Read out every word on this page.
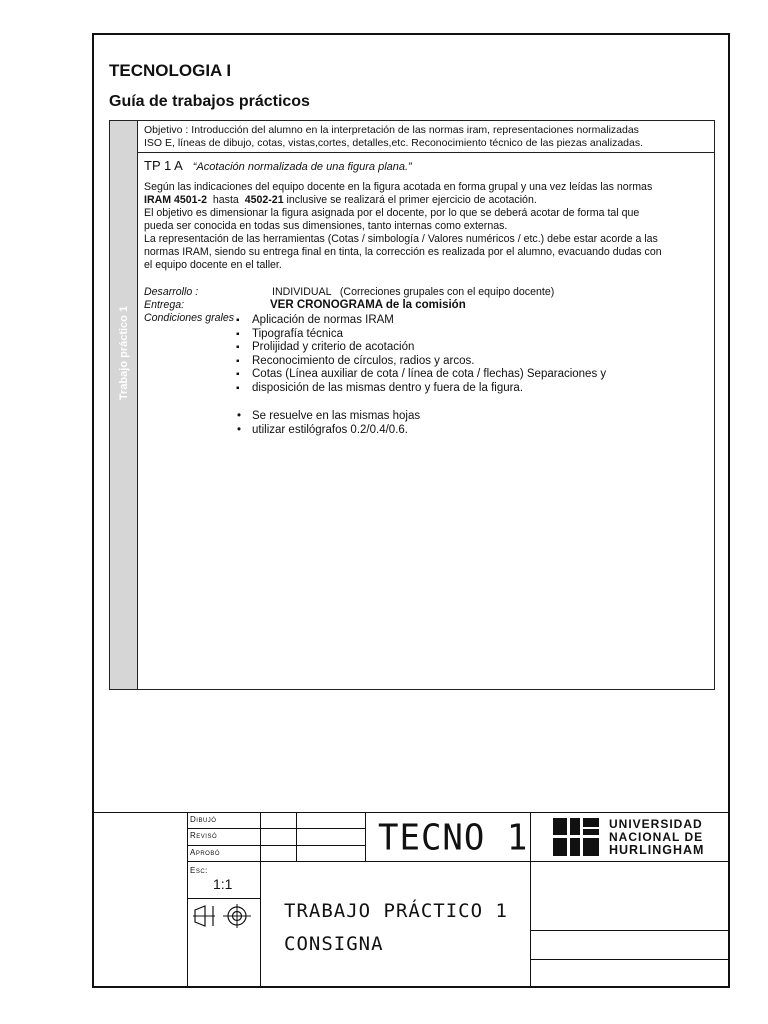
TECNOLOGIA I
Guía de trabajos prácticos
Trabajo práctico 1
Objetivo : Introducción del alumno en la interpretación de las normas iram, representaciones normalizadas
ISO E, líneas de dibujo, cotas, vistas,cortes, detalles,etc. Reconocimiento técnico de las piezas analizadas.
TP 1 A “Acotación normalizada de una figura plana.”

Según las indicaciones del equipo docente en la figura acotada en forma grupal y una vez leídas las normas

IRAM 4501-2  hasta  4502-21 inclusive se realizará el primer ejercicio de acotación.

El objetivo es dimensionar la figura asignada por el docente, por lo que se deberá acotar de forma tal que

pueda ser conocida en todas sus dimensiones, tanto internas como externas.

La representación de las herramientas (Cotas / simbología / Valores numéricos / etc.) debe estar acorde a las

normas IRAM, siendo su entrega final en tinta, la corrección es realizada por el alumno, evacuando dudas con

el equipo docente en el taller.

Desarrollo :	INDIVIDUAL   (Correciones grupales con el equipo docente)
Entrega:	VER CRONOGRAMA de la comisión
Condiciones grales
▪	Aplicación de normas IRAM
▪ Tipografía técnica
▪ Prolijidad y criterio de acotación
▪ Reconocimiento de círculos, radios y arcos.
▪ Cotas (Línea auxiliar de cota / línea de cota / flechas) Separaciones y
▪ disposición de las mismas dentro y fuera de la figura.
• Se resuelve en las mismas hojas
• utilizar estilógrafos 0.2/0.4/0.6.
Dibujó
Revisó
Aprobó
Esc:
1:1
TECNO 1
TRABAJO PRÁCTICO 1
CONSIGNA
UNIVERSIDAD
NACIONAL DE
HURLINGHAM
